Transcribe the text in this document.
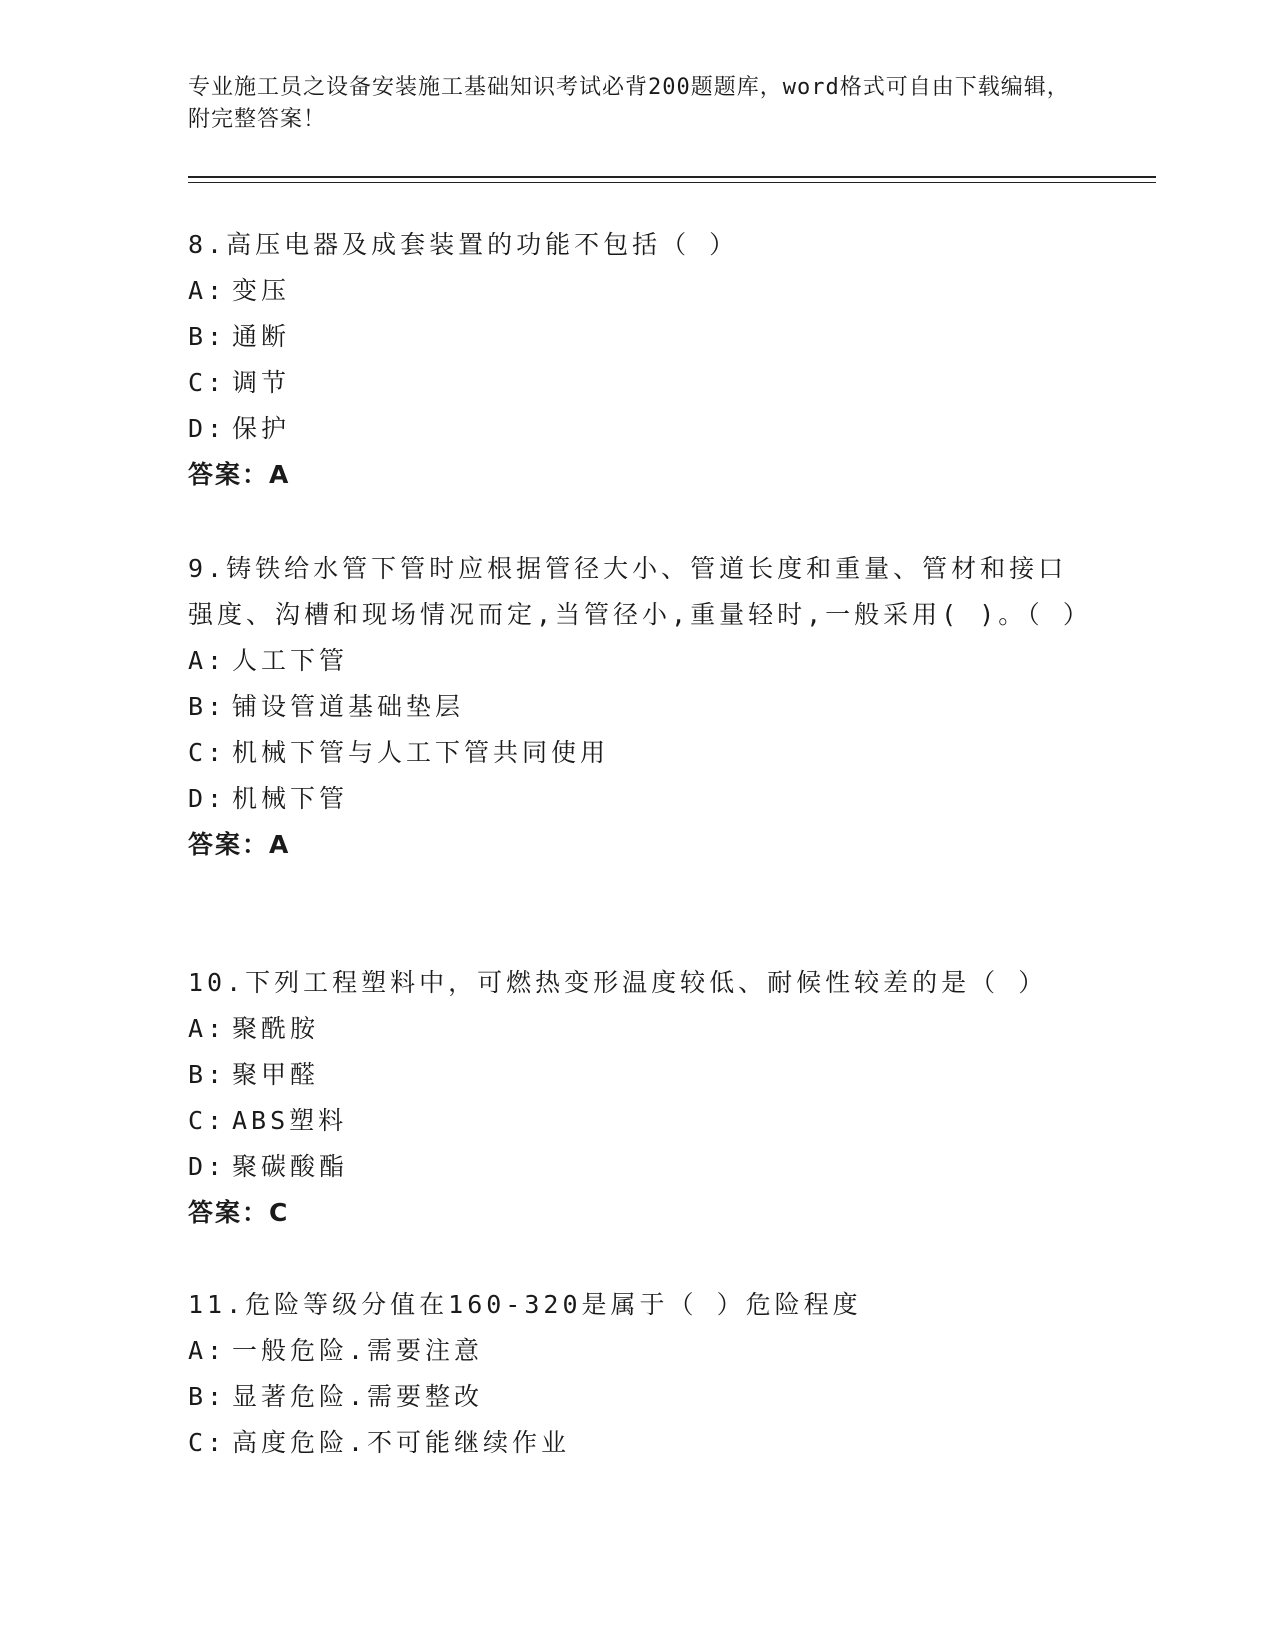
专业施工员之设备安装施工基础知识考试必背200题题库，word格式可自由下载编辑，附完整答案！

8.高压电器及成套装置的功能不包括（ ）

A: 变压

B: 通断

C: 调节

D: 保护

答案：A

9.铸铁给水管下管时应根据管径大小、管道长度和重量、管材和接口强度、沟槽和现场情况而定,当管径小,重量轻时,一般采用( )。（ ）

A: 人工下管

B: 铺设管道基础垫层

C: 机械下管与人工下管共同使用

D: 机械下管

答案：A

10.下列工程塑料中，可燃热变形温度较低、耐候性较差的是（ ）

A: 聚酰胺

B: 聚甲醛

C: ABS塑料

D: 聚碳酸酯

答案：C

11.危险等级分值在160-320是属于（ ）危险程度

A: 一般危险.需要注意

B: 显著危险.需要整改

C: 高度危险.不可能继续作业
